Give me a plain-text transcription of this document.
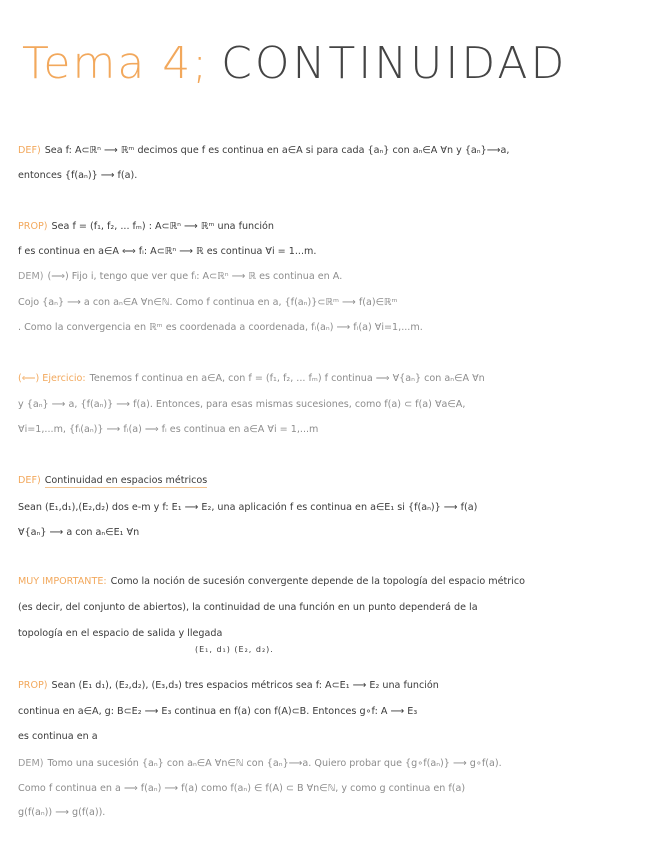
Tema 4; CONTINUIDAD
DEF) Sea f: A⊂ℝⁿ ⟶ ℝᵐ decimos que f es continua en a∈A si para cada {aₙ} con aₙ∈A ∀n y {aₙ}⟶a,
entonces {f(aₙ)} ⟶ f(a).
PROP) Sea f = (f₁, f₂, ... fₘ) : A⊂ℝⁿ ⟶ ℝᵐ una función
f es continua en a∈A ⟺ fᵢ: A⊂ℝⁿ ⟶ ℝ es continua ∀i = 1...m.
DEM) (⟹) Fijo i, tengo que ver que fᵢ: A⊂ℝⁿ ⟶ ℝ es continua en A.
Cojo {aₙ} ⟶ a con aₙ∈A ∀n∈ℕ. Como f continua en a, {f(aₙ)}⊂ℝᵐ ⟶ f(a)∈ℝᵐ
. Como la convergencia en ℝᵐ es coordenada a coordenada, fᵢ(aₙ) ⟶ fᵢ(a) ∀i=1,...m.
(⟸) Ejercicio: Tenemos f continua en a∈A, con f = (f₁, f₂, ... fₘ) f continua ⟹ ∀{aₙ} con aₙ∈A ∀n
y {aₙ} ⟶ a, {f(aₙ)} ⟶ f(a). Entonces, para esas mismas sucesiones, como f(a) ⊂ f(a) ∀a∈A,
∀i=1,...m, {fᵢ(aₙ)} ⟶ fᵢ(a) ⟹ fᵢ es continua en a∈A ∀i = 1,...m
DEF) Continuidad en espacios métricos
Sean (E₁,d₁),(E₂,d₂) dos e-m y f: E₁ ⟶ E₂, una aplicación f es continua en a∈E₁ si {f(aₙ)} ⟶ f(a)
∀{aₙ} ⟶ a con aₙ∈E₁ ∀n
MUY IMPORTANTE: Como la noción de sucesión convergente depende de la topología del espacio métrico
(es decir, del conjunto de abiertos), la continuidad de una función en un punto dependerá de la
topología en el espacio de salida y llegada
(E₁, d₁) (E₂, d₂).
PROP) Sean (E₁ d₁), (E₂,d₂), (E₃,d₃) tres espacios métricos sea f: A⊂E₁ ⟶ E₂ una función
continua en a∈A, g: B⊂E₂ ⟶ E₃ continua en f(a) con f(A)⊂B. Entonces g∘f: A ⟶ E₃
es continua en a
DEM) Tomo una sucesión {aₙ} con aₙ∈A ∀n∈ℕ con {aₙ}⟶a. Quiero probar que {g∘f(aₙ)} ⟶ g∘f(a).
Como f continua en a ⟹ f(aₙ) ⟶ f(a) como f(aₙ) ∈ f(A) ⊂ B ∀n∈ℕ, y como g continua en f(a)
g(f(aₙ)) ⟶ g(f(a)).
